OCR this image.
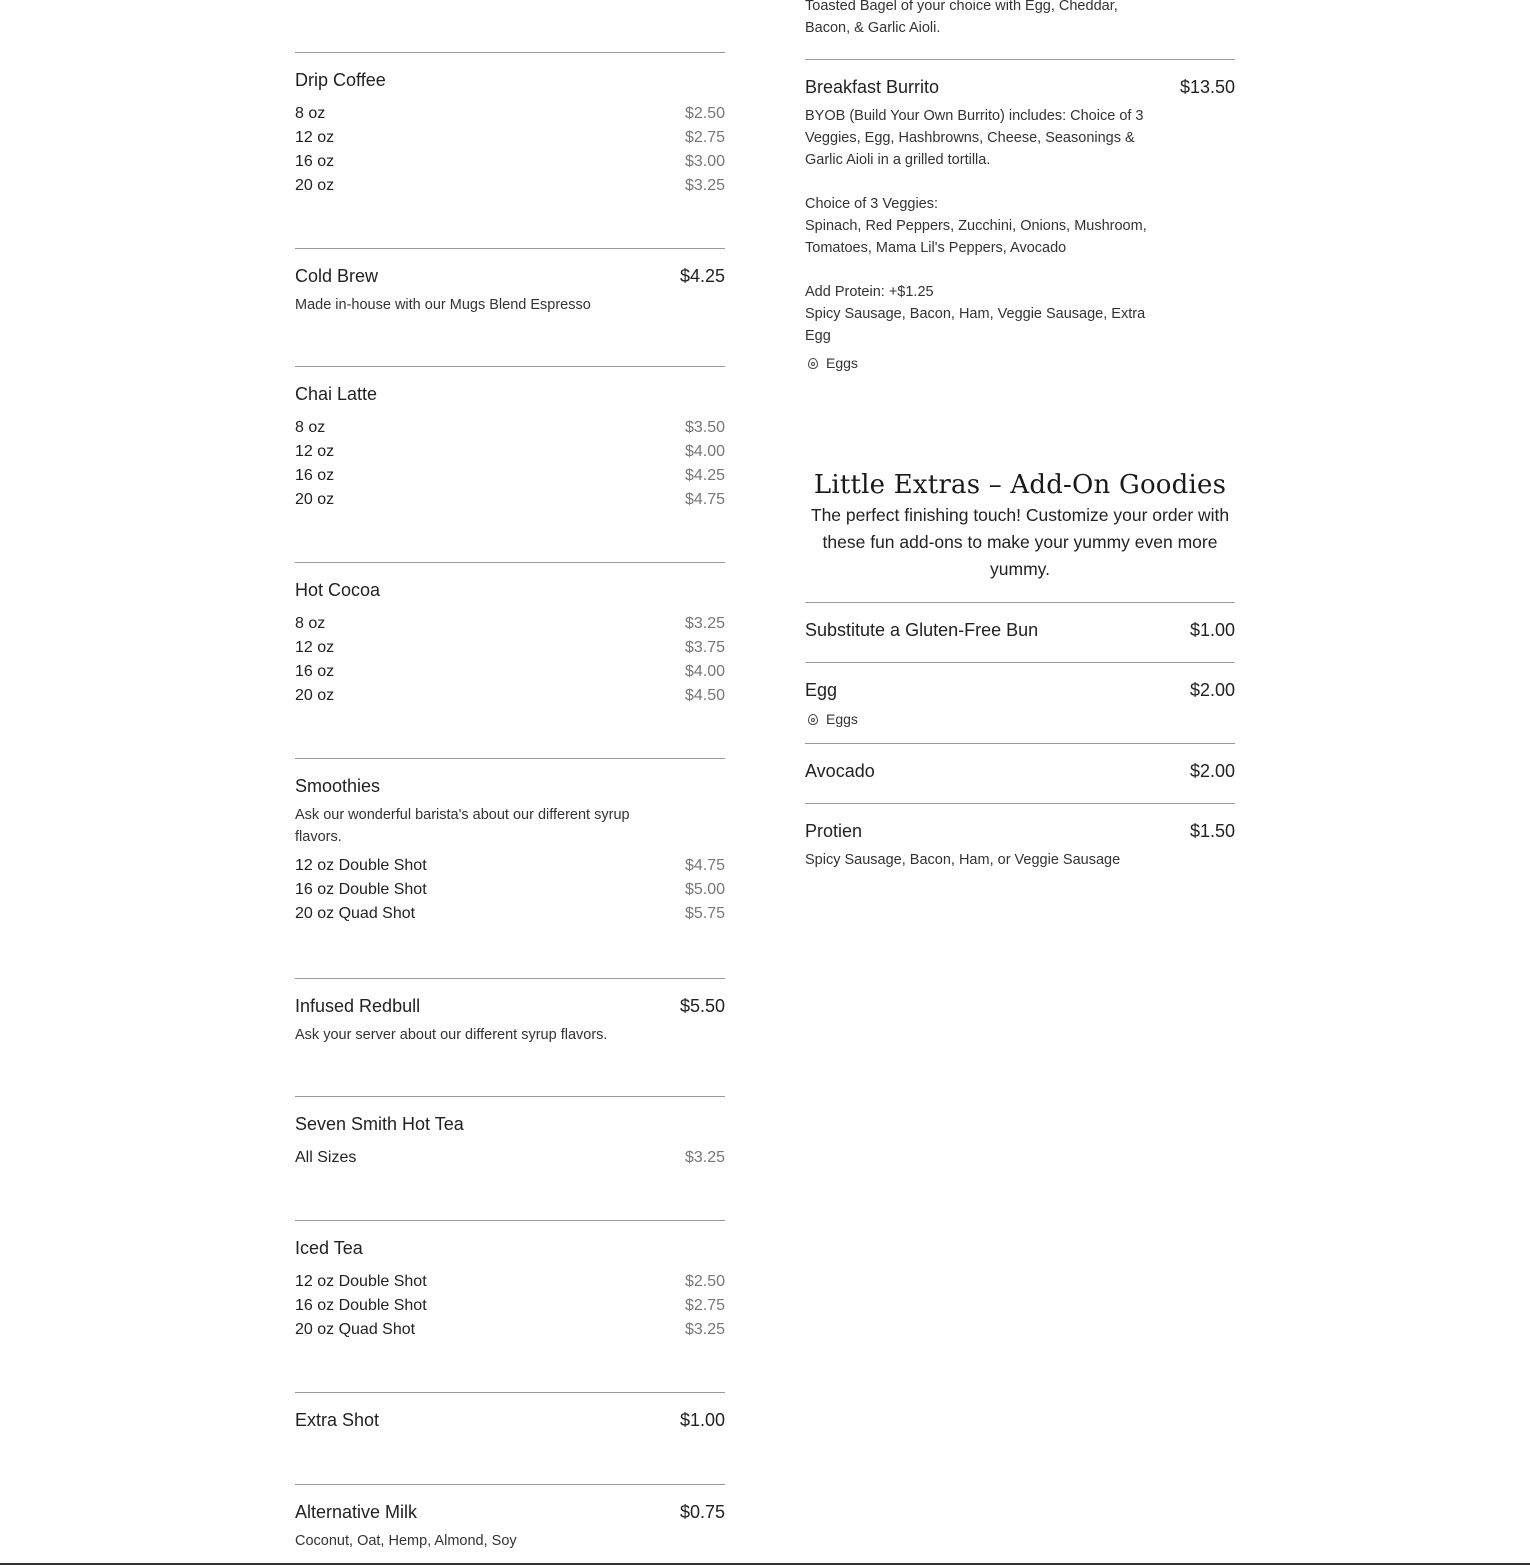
Drip Coffee
8 oz	$2.50
12 oz	$2.75
16 oz	$3.00
20 oz	$3.25
Cold Brew	$4.25
Made in-house with our Mugs Blend Espresso
Chai Latte
8 oz	$3.50
12 oz	$4.00
16 oz	$4.25
20 oz	$4.75
Hot Cocoa
8 oz	$3.25
12 oz	$3.75
16 oz	$4.00
20 oz	$4.50
Smoothies
Ask our wonderful barista's about our different syrup flavors.
12 oz Double Shot	$4.75
16 oz Double Shot	$5.00
20 oz Quad Shot	$5.75
Infused Redbull	$5.50
Ask your server about our different syrup flavors.
Seven Smith Hot Tea
All Sizes	$3.25
Iced Tea
12 oz Double Shot	$2.50
16 oz Double Shot	$2.75
20 oz Quad Shot	$3.25
Extra Shot	$1.00
Alternative Milk	$0.75
Coconut, Oat, Hemp, Almond, Soy
Toasted Bagel of your choice with Egg, Cheddar, Bacon, & Garlic Aioli.
Breakfast Burrito	$13.50
BYOB (Build Your Own Burrito) includes: Choice of 3 Veggies, Egg, Hashbrowns, Cheese, Seasonings & Garlic Aioli in a grilled tortilla.

Choice of 3 Veggies:
Spinach, Red Peppers, Zucchini, Onions, Mushroom, Tomatoes, Mama Lil's Peppers, Avocado

Add Protein: +$1.25
Spicy Sausage, Bacon, Ham, Veggie Sausage, Extra Egg
Eggs
Little Extras – Add-On Goodies
The perfect finishing touch! Customize your order with these fun add-ons to make your yummy even more yummy.
Substitute a Gluten-Free Bun	$1.00
Egg	$2.00
Eggs
Avocado	$2.00
Protien	$1.50
Spicy Sausage, Bacon, Ham, or Veggie Sausage
